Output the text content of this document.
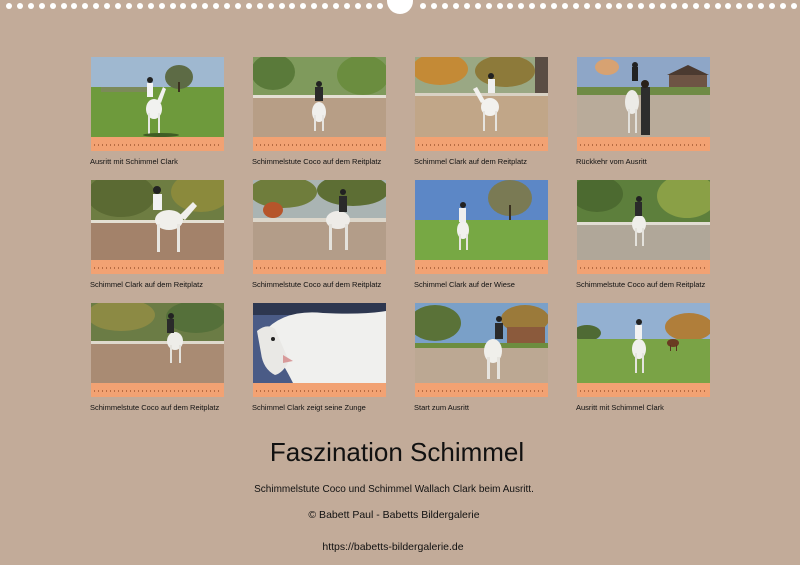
Ausritt mit Schimmel Clark	Schimmelstute Coco auf dem Reitplatz	Schimmel Clark auf dem Reitplatz	Rückkehr vom Ausritt
Schimmel Clark auf dem Reitplatz	Schimmelstute Coco auf dem Reitplatz	Schimmel Clark auf der Wiese	Schimmelstute Coco auf dem Reitplatz
Schimmelstute Coco auf dem Reitplatz	Schimmel Clark zeigt seine Zunge	Start zum Ausritt	Ausritt mit Schimmel Clark
Faszination Schimmel
Schimmelstute Coco und Schimmel Wallach Clark beim Ausritt.
© Babett Paul - Babetts Bildergalerie
https://babetts-bildergalerie.de
